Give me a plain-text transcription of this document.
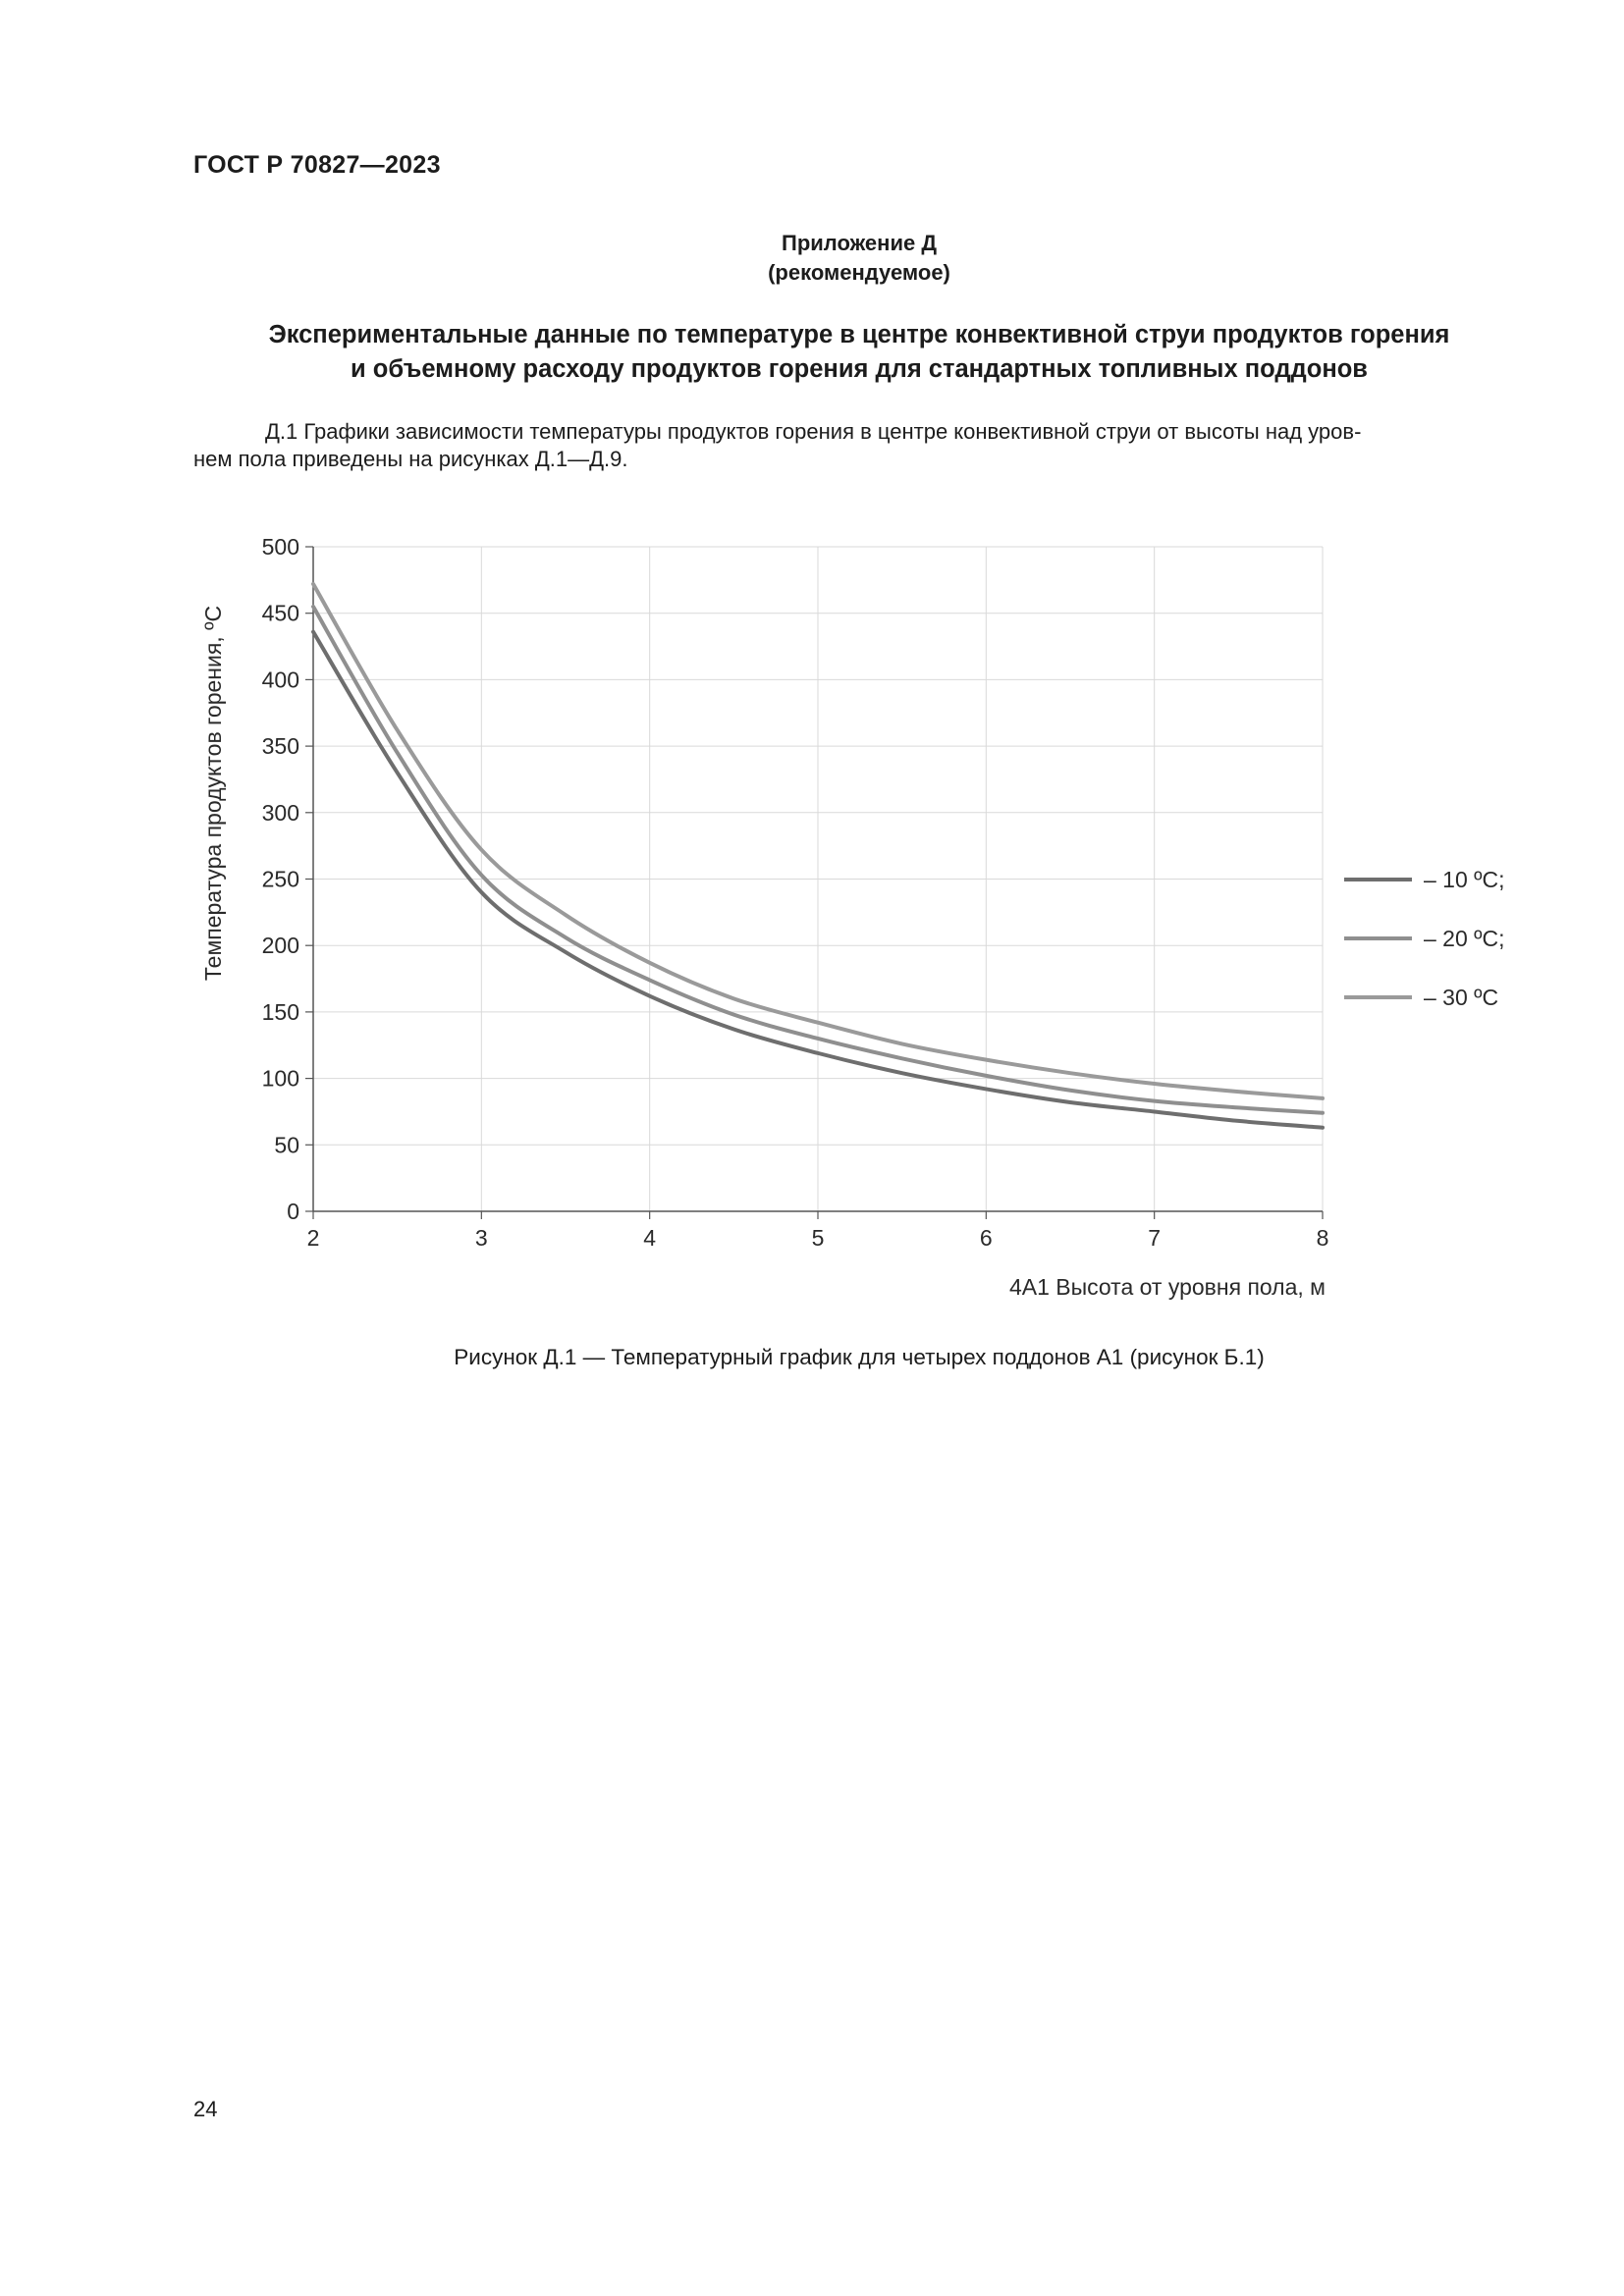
ГОСТ Р 70827—2023
Приложение Д
(рекомендуемое)
Экспериментальные данные по температуре в центре конвективной струи продуктов горения
и объемному расходу продуктов горения для стандартных топливных поддонов
Д.1 Графики зависимости температуры продуктов горения в центре конвективной струи от высоты над уров-
нем пола приведены на рисунках Д.1—Д.9.
0
50
100
150
200
250
300
350
400
450
500
2	3	4	5	6	7	8
– 10 ºС;
– 20 ºС;
– 30 ºС
4А1 Высота от уровня пола, м
Температура продуктов горения, ºС
Рисунок Д.1 — Температурный график для четырех поддонов А1 (рисунок Б.1)
24
